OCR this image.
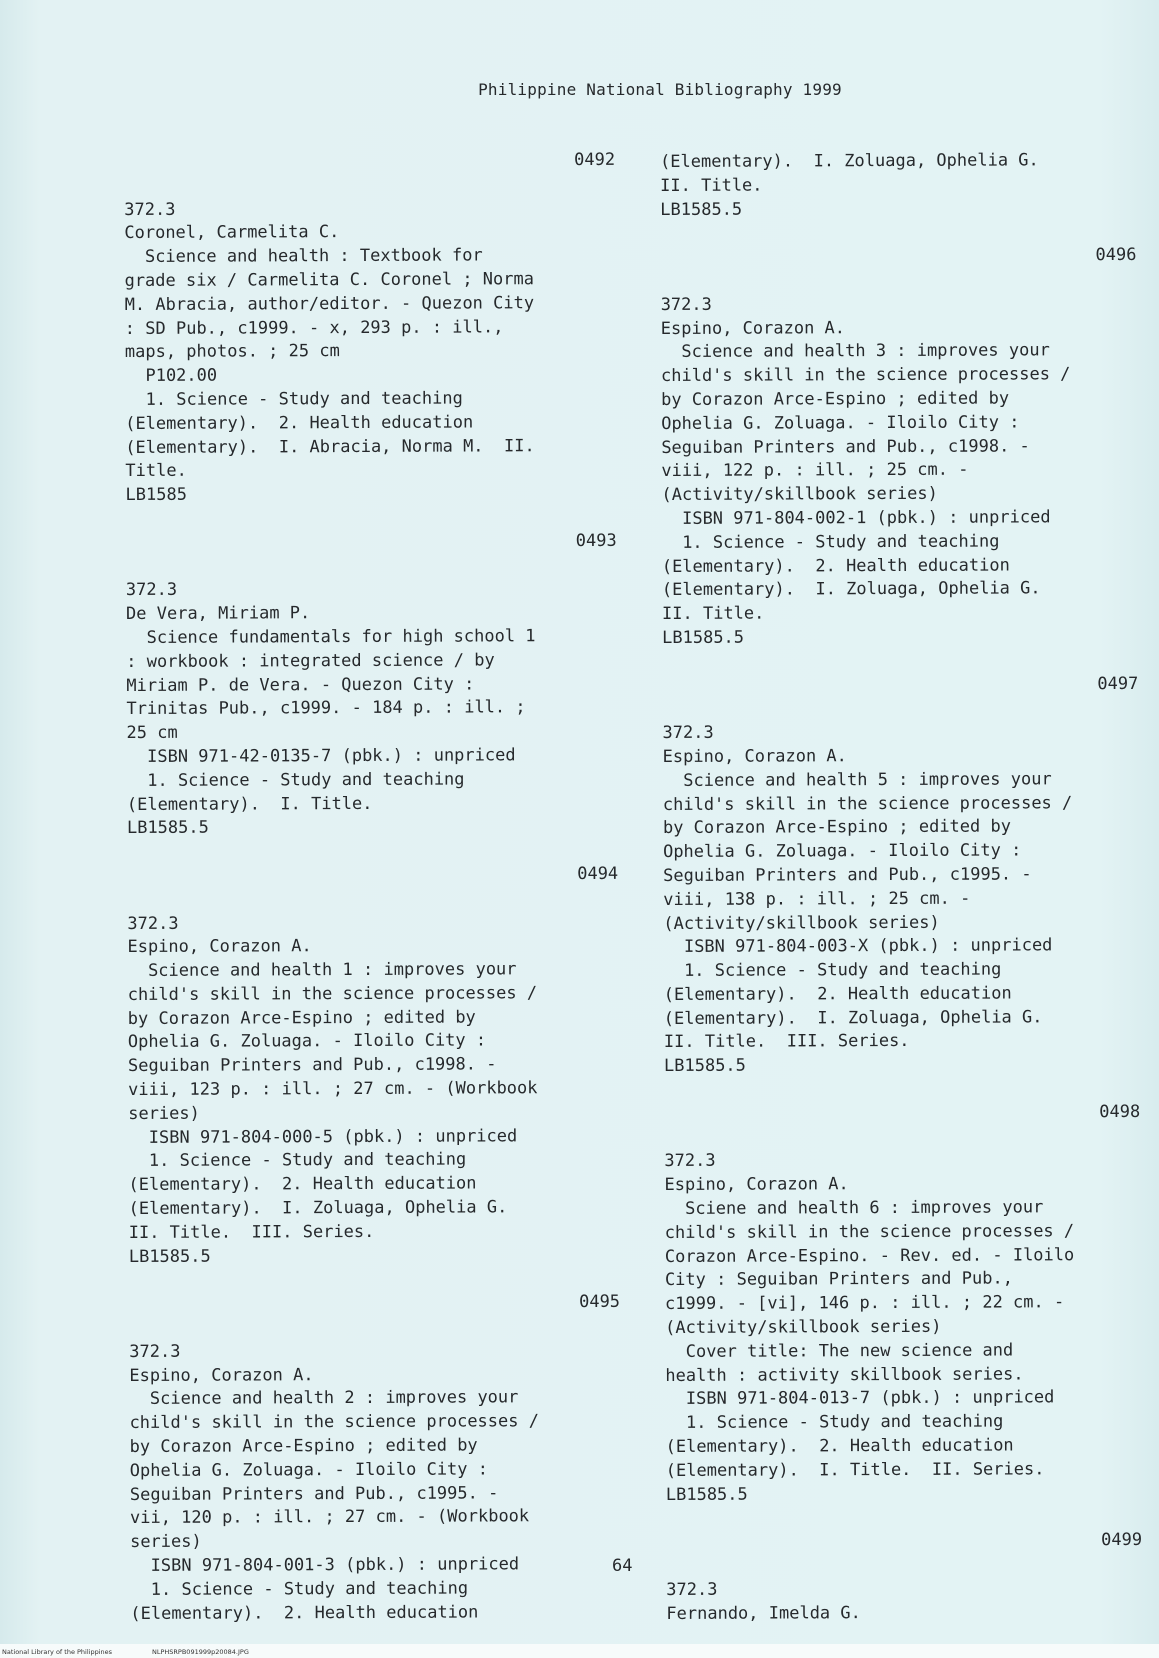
Philippine National Bibliography 1999
0492
372.3
Coronel, Carmelita C.
Science and health : Textbook for
grade six / Carmelita C. Coronel ; Norma
M. Abracia, author/editor. - Quezon City
: SD Pub., c1999. - x, 293 p. : ill.,
maps, photos. ; 25 cm
P102.00
1. Science - Study and teaching
(Elementary).  2. Health education
(Elementary).  I. Abracia, Norma M.  II.
Title.
LB1585
0493
372.3
De Vera, Miriam P.
Science fundamentals for high school 1
: workbook : integrated science / by
Miriam P. de Vera. - Quezon City :
Trinitas Pub., c1999. - 184 p. : ill. ;
25 cm
ISBN 971-42-0135-7 (pbk.) : unpriced
1. Science - Study and teaching
(Elementary).  I. Title.
LB1585.5
0494
372.3
Espino, Corazon A.
Science and health 1 : improves your
child's skill in the science processes /
by Corazon Arce-Espino ; edited by
Ophelia G. Zoluaga. - Iloilo City :
Seguiban Printers and Pub., c1998. -
viii, 123 p. : ill. ; 27 cm. - (Workbook
series)
ISBN 971-804-000-5 (pbk.) : unpriced
1. Science - Study and teaching
(Elementary).  2. Health education
(Elementary).  I. Zoluaga, Ophelia G.
II. Title.  III. Series.
LB1585.5
0495
372.3
Espino, Corazon A.
Science and health 2 : improves your
child's skill in the science processes /
by Corazon Arce-Espino ; edited by
Ophelia G. Zoluaga. - Iloilo City :
Seguiban Printers and Pub., c1995. -
vii, 120 p. : ill. ; 27 cm. - (Workbook
series)
ISBN 971-804-001-3 (pbk.) : unpriced
1. Science - Study and teaching
(Elementary).  2. Health education
(Elementary).  I. Zoluaga, Ophelia G.
II. Title.
LB1585.5
0496
372.3
Espino, Corazon A.
Science and health 3 : improves your
child's skill in the science processes /
by Corazon Arce-Espino ; edited by
Ophelia G. Zoluaga. - Iloilo City :
Seguiban Printers and Pub., c1998. -
viii, 122 p. : ill. ; 25 cm. -
(Activity/skillbook series)
ISBN 971-804-002-1 (pbk.) : unpriced
1. Science - Study and teaching
(Elementary).  2. Health education
(Elementary).  I. Zoluaga, Ophelia G.
II. Title.
LB1585.5
0497
372.3
Espino, Corazon A.
Science and health 5 : improves your
child's skill in the science processes /
by Corazon Arce-Espino ; edited by
Ophelia G. Zoluaga. - Iloilo City :
Seguiban Printers and Pub., c1995. -
viii, 138 p. : ill. ; 25 cm. -
(Activity/skillbook series)
ISBN 971-804-003-X (pbk.) : unpriced
1. Science - Study and teaching
(Elementary).  2. Health education
(Elementary).  I. Zoluaga, Ophelia G.
II. Title.  III. Series.
LB1585.5
0498
372.3
Espino, Corazon A.
Sciene and health 6 : improves your
child's skill in the science processes /
Corazon Arce-Espino. - Rev. ed. - Iloilo
City : Seguiban Printers and Pub.,
c1999. - [vi], 146 p. : ill. ; 22 cm. -
(Activity/skillbook series)
Cover title: The new science and
health : activity skillbook series.
ISBN 971-804-013-7 (pbk.) : unpriced
1. Science - Study and teaching
(Elementary).  2. Health education
(Elementary).  I. Title.  II. Series.
LB1585.5
0499
372.3
Fernando, Imelda G.
64
National Library of the Philippines	NLPHSRPB091999p20084.JPG
